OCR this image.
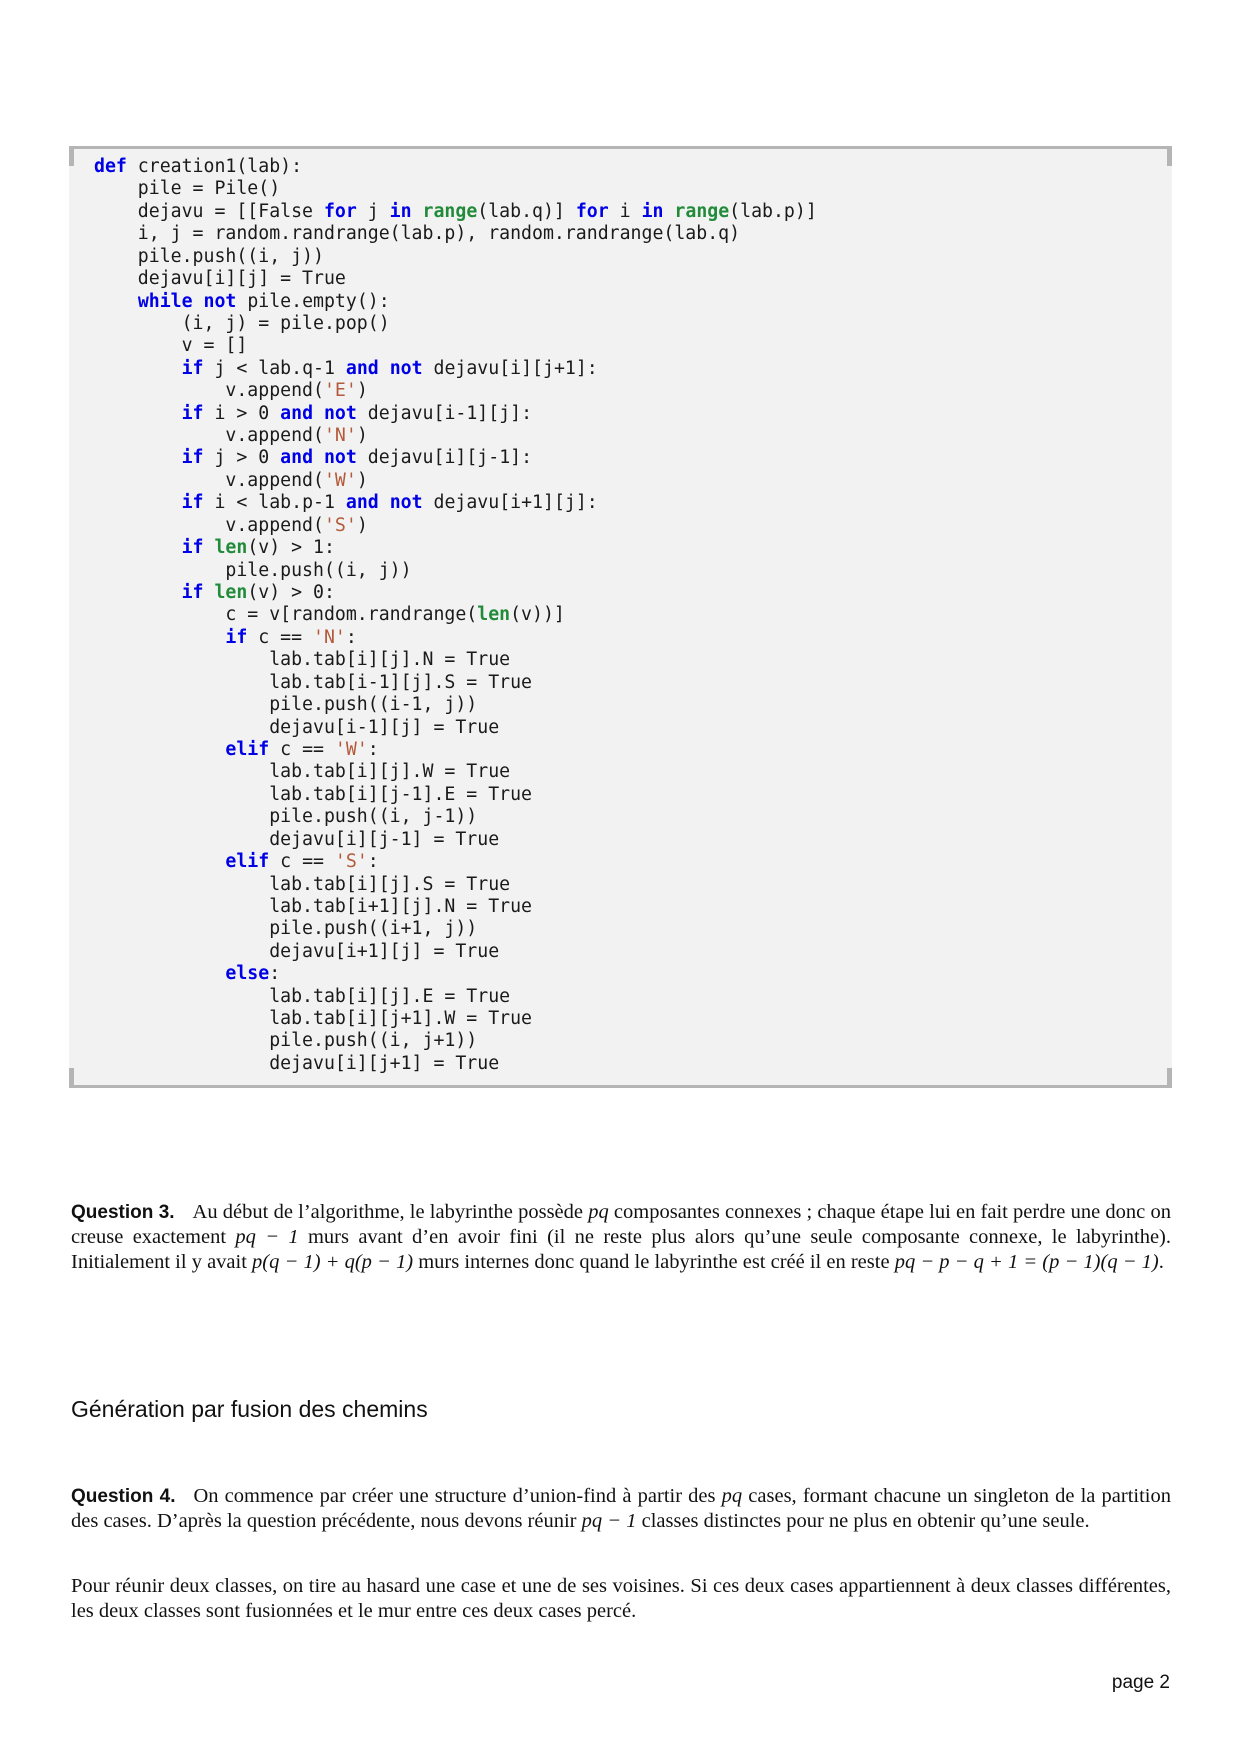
def creation1(lab):
pile = Pile()
dejavu = [[False for j in range(lab.q)] for i in range(lab.p)]
i, j = random.randrange(lab.p), random.randrange(lab.q)
pile.push((i, j))
dejavu[i][j] = True
while not pile.empty():
(i, j) = pile.pop()
v = []
if j < lab.q-1 and not dejavu[i][j+1]:
v.append('E')
if i > 0 and not dejavu[i-1][j]:
v.append('N')
if j > 0 and not dejavu[i][j-1]:
v.append('W')
if i < lab.p-1 and not dejavu[i+1][j]:
v.append('S')
if len(v) > 1:
pile.push((i, j))
if len(v) > 0:
c = v[random.randrange(len(v))]
if c == 'N':
lab.tab[i][j].N = True
lab.tab[i-1][j].S = True
pile.push((i-1, j))
dejavu[i-1][j] = True
elif c == 'W':
lab.tab[i][j].W = True
lab.tab[i][j-1].E = True
pile.push((i, j-1))
dejavu[i][j-1] = True
elif c == 'S':
lab.tab[i][j].S = True
lab.tab[i+1][j].N = True
pile.push((i+1, j))
dejavu[i+1][j] = True
else:
lab.tab[i][j].E = True
lab.tab[i][j+1].W = True
pile.push((i, j+1))
dejavu[i][j+1] = True

Question 3. Au début de l’algorithme, le labyrinthe possède pq composantes connexes ; chaque étape lui en fait perdre une donc on creuse exactement pq − 1 murs avant d’en avoir fini (il ne reste plus alors qu’une seule composante connexe, le labyrinthe). Initialement il y avait p(q − 1) + q(p − 1) murs internes donc quand le labyrinthe est créé il en reste pq − p − q + 1 = (p − 1)(q − 1).

Génération par fusion des chemins

Question 4. On commence par créer une structure d’union-find à partir des pq cases, formant chacune un singleton de la partition des cases. D’après la question précédente, nous devons réunir pq − 1 classes distinctes pour ne plus en obtenir qu’une seule.

Pour réunir deux classes, on tire au hasard une case et une de ses voisines. Si ces deux cases appartiennent à deux classes différentes, les deux classes sont fusionnées et le mur entre ces deux cases percé.

page 2
